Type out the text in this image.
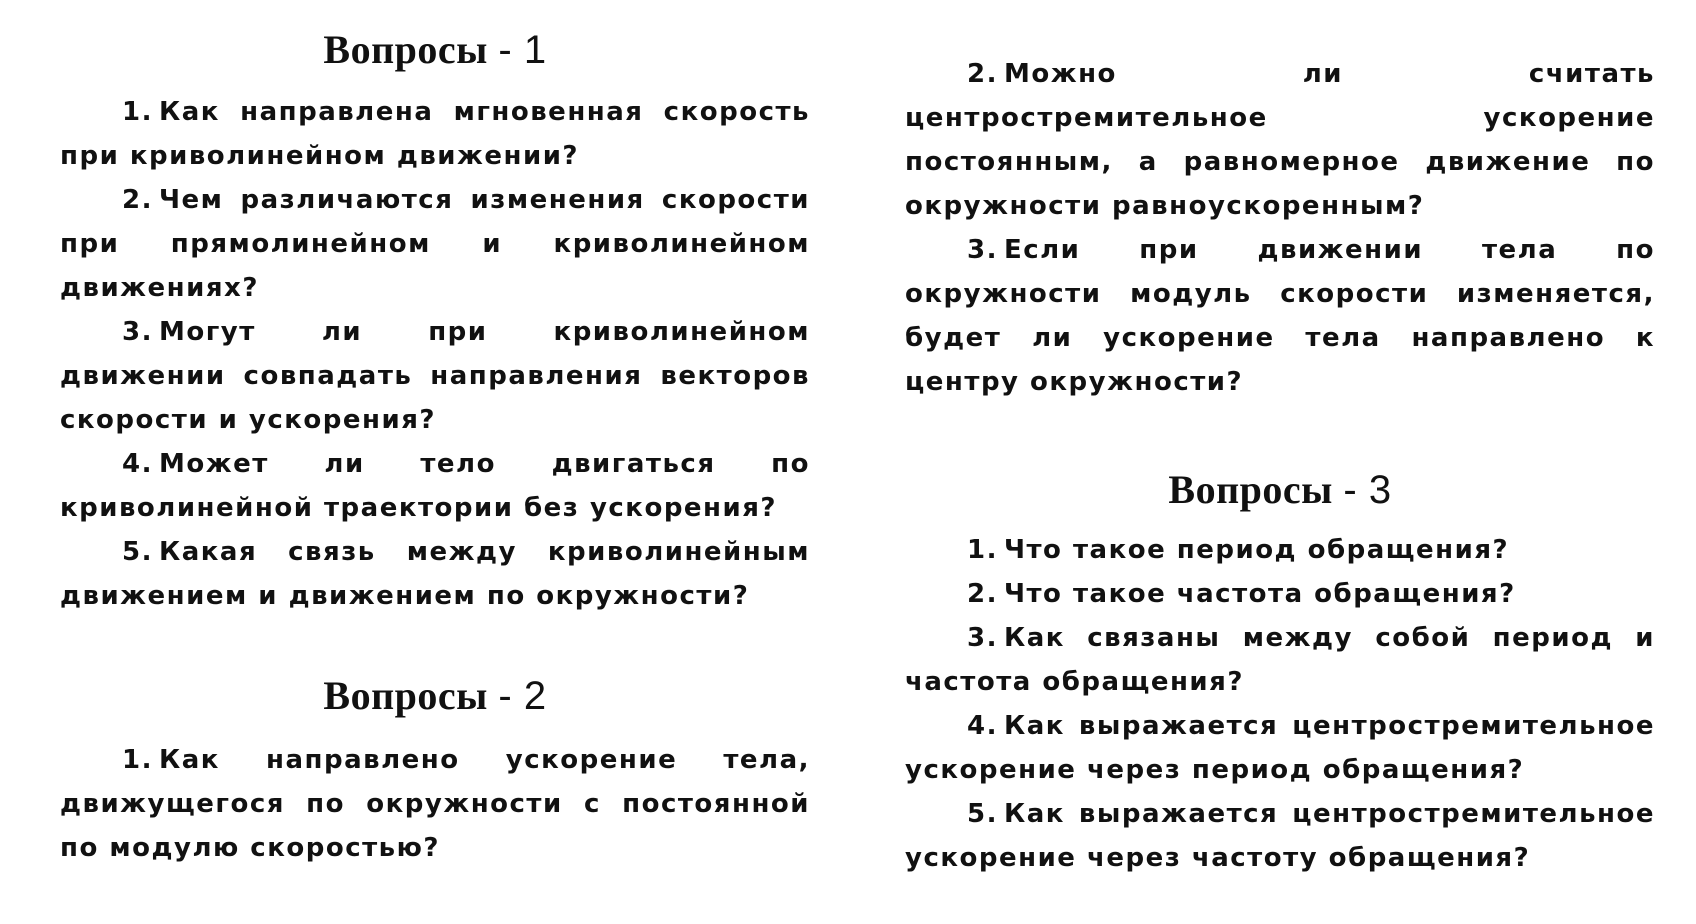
Вопросы - 1

1. Как направлена мгновенная скорость при криволинейном движении?

2. Чем различаются изменения скорости при прямолинейном и криволинейном движениях?

3. Могут ли при криволинейном движении совпадать направления векторов скорости и ускорения?

4. Может ли тело двигаться по криволинейной траектории без ускорения?

5. Какая связь между криволинейным движением и движением по окружности?

Вопросы - 2

1. Как направлено ускорение тела, движущегося по окружности с постоянной по модулю скоростью?

2. Можно ли считать центростремительное ускорение постоянным, а равномерное движение по окружности равноускоренным?

3. Если при движении тела по окружности модуль скорости изменяется, будет ли ускорение тела направлено к центру окружности?

Вопросы - 3

1. Что такое период обращения?

2. Что такое частота обращения?

3. Как связаны между собой период и частота обращения?

4. Как выражается центростремительное ускорение через период обращения?

5. Как выражается центростремительное ускорение через частоту обращения?
